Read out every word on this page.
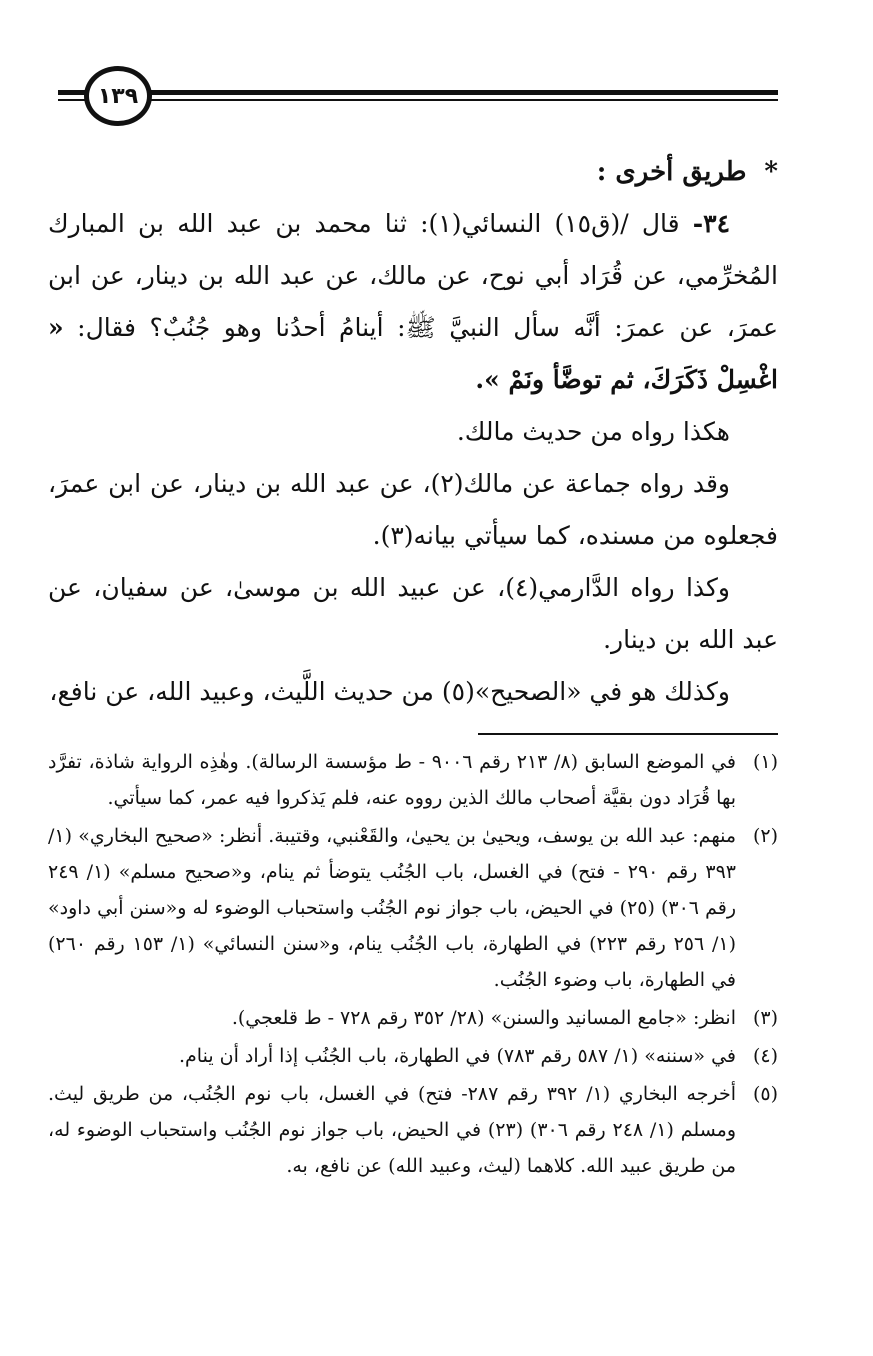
١٣٩

*طريق أخرى :

٣٤- قال /(ق١٥) النسائي(١): ثنا محمد بن عبد الله بن المبارك المُخرِّمي، عن قُرَاد أبي نوح، عن مالك، عن عبد الله بن دينار، عن ابن عمرَ، عن عمرَ: أنَّه سأل النبيَّ ﷺ: أينامُ أحدُنا وهو جُنُبٌ؟ فقال: « اغْسِلْ ذَكَرَكَ، ثم توضَّأ ونَمْ ».

هكذا رواه من حديث مالك.

وقد رواه جماعة عن مالك(٢)، عن عبد الله بن دينار، عن ابن عمرَ، فجعلوه من مسنده، كما سيأتي بيانه(٣).

وكذا رواه الدَّارمي(٤)، عن عبيد الله بن موسىٰ، عن سفيان، عن عبد الله بن دينار.

وكذلك هو في «الصحيح»(٥) من حديث اللَّيث، وعبيد الله، عن نافع،

(١)
في الموضع السابق (٨/ ٢١٣ رقم ٩٠٠٦ - ط مؤسسة الرسالة). وهٰذِه الرواية شاذة، تفرَّد بها قُرَاد دون بقيَّة أصحاب مالك الذين رووه عنه، فلم يَذكروا فيه عمر، كما سيأتي.
(٢)
منهم: عبد الله بن يوسف، ويحيىٰ بن يحيىٰ، والقَعْنبي، وقتيبة. أنظر: «صحيح البخاري» (١/ ٣٩٣ رقم ٢٩٠ - فتح) في الغسل، باب الجُنُب يتوضأ ثم ينام، و«صحيح مسلم» (١/ ٢٤٩ رقم ٣٠٦) (٢٥) في الحيض، باب جواز نوم الجُنُب واستحباب الوضوء له و«سنن أبي داود» (١/ ٢٥٦ رقم ٢٢٣) في الطهارة، باب الجُنُب ينام، و«سنن النسائي» (١/ ١٥٣ رقم ٢٦٠) في الطهارة، باب وضوء الجُنُب.
(٣)
انظر: «جامع المسانيد والسنن» (٢٨/ ٣٥٢ رقم ٧٢٨ - ط قلعجي).
(٤)
في «سننه» (١/ ٥٨٧ رقم ٧٨٣) في الطهارة، باب الجُنُب إذا أراد أن ينام.
(٥)
أخرجه البخاري (١/ ٣٩٢ رقم ٢٨٧- فتح) في الغسل، باب نوم الجُنُب، من طريق ليث. ومسلم (١/ ٢٤٨ رقم ٣٠٦) (٢٣) في الحيض، باب جواز نوم الجُنُب واستحباب الوضوء له، من طريق عبيد الله. كلاهما (ليث، وعبيد الله) عن نافع، به.
